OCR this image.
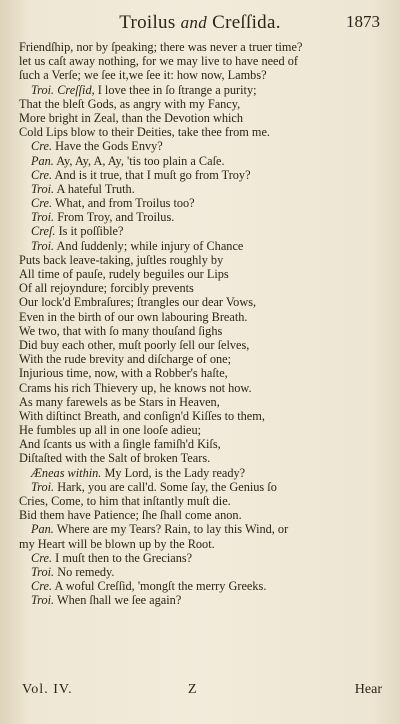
Troilus and Creſſida.	1873
Friendſhip, nor by ſpeaking; there was never a truer time?
let us caſt away nothing, for we may live to have need of
ſuch a Verſe; we ſee it,we ſee it: how now, Lambs?
Troi. Creſſid, I love thee in ſo ſtrange a purity;
That the bleſt Gods, as angry with my Fancy,
More bright in Zeal, than the Devotion which
Cold Lips blow to their Deities, take thee from me.
Cre. Have the Gods Envy?
Pan. Ay, Ay, A, Ay, 'tis too plain a Caſe.
Cre. And is it true, that I muſt go from Troy?
Troi. A hateful Truth.
Cre. What, and from Troilus too?
Troi. From Troy, and Troilus.
Creſ. Is it poſſible?
Troi. And ſuddenly; while injury of Chance
Puts back leave-taking, juſtles roughly by
All time of pauſe, rudely beguiles our Lips
Of all rejoyndure; forcibly prevents
Our lock'd Embraſures; ſtrangles our dear Vows,
Even in the birth of our own labouring Breath.
We two, that with ſo many thouſand ſighs
Did buy each other, muſt poorly ſell our ſelves,
With the rude brevity and diſcharge of one;
Injurious time, now, with a Robber's haſte,
Crams his rich Thievery up, he knows not how.
As many farewels as be Stars in Heaven,
With diſtinct Breath, and conſign'd Kiſſes to them,
He fumbles up all in one looſe adieu;
And ſcants us with a ſingle famiſh'd Kiſs,
Diſtaſted with the Salt of broken Tears.
Æneas within. My Lord, is the Lady ready?
Troi. Hark, you are call'd. Some ſay, the Genius ſo
Cries, Come, to him that inſtantly muſt die.
Bid them have Patience; ſhe ſhall come anon.
Pan. Where are my Tears? Rain, to lay this Wind, or
my Heart will be blown up by the Root.
Cre. I muſt then to the Grecians?
Troi. No remedy.
Cre. A woful Creſſid, 'mongſt the merry Greeks.
Troi. When ſhall we ſee again?
Vol. IV.	Z	Hear
